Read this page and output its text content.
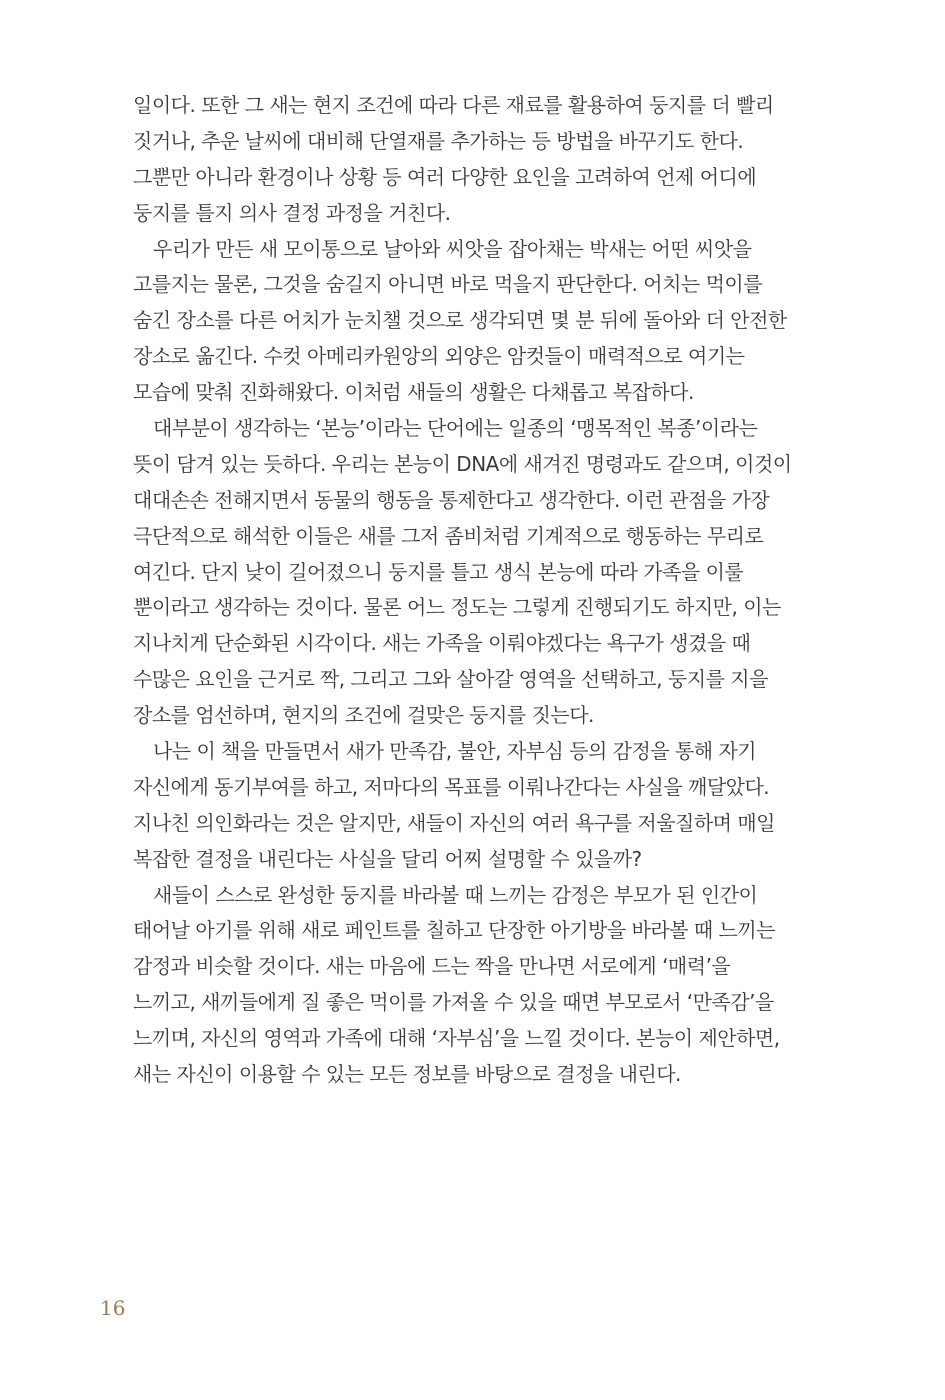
일이다. 또한 그 새는 현지 조건에 따라 다른 재료를 활용하여 둥지를 더 빨리
짓거나, 추운 날씨에 대비해 단열재를 추가하는 등 방법을 바꾸기도 한다.
그뿐만 아니라 환경이나 상황 등 여러 다양한 요인을 고려하여 언제 어디에
둥지를 틀지 의사 결정 과정을 거친다.
우리가 만든 새 모이통으로 날아와 씨앗을 잡아채는 박새는 어떤 씨앗을
고를지는 물론, 그것을 숨길지 아니면 바로 먹을지 판단한다. 어치는 먹이를
숨긴 장소를 다른 어치가 눈치챌 것으로 생각되면 몇 분 뒤에 돌아와 더 안전한
장소로 옮긴다. 수컷 아메리카원앙의 외양은 암컷들이 매력적으로 여기는
모습에 맞춰 진화해왔다. 이처럼 새들의 생활은 다채롭고 복잡하다.
대부분이 생각하는 ‘본능’이라는 단어에는 일종의 ‘맹목적인 복종’이라는
뜻이 담겨 있는 듯하다. 우리는 본능이 DNA에 새겨진 명령과도 같으며, 이것이
대대손손 전해지면서 동물의 행동을 통제한다고 생각한다. 이런 관점을 가장
극단적으로 해석한 이들은 새를 그저 좀비처럼 기계적으로 행동하는 무리로
여긴다. 단지 낮이 길어졌으니 둥지를 틀고 생식 본능에 따라 가족을 이룰
뿐이라고 생각하는 것이다. 물론 어느 정도는 그렇게 진행되기도 하지만, 이는
지나치게 단순화된 시각이다. 새는 가족을 이뤄야겠다는 욕구가 생겼을 때
수많은 요인을 근거로 짝, 그리고 그와 살아갈 영역을 선택하고, 둥지를 지을
장소를 엄선하며, 현지의 조건에 걸맞은 둥지를 짓는다.
나는 이 책을 만들면서 새가 만족감, 불안, 자부심 등의 감정을 통해 자기
자신에게 동기부여를 하고, 저마다의 목표를 이뤄나간다는 사실을 깨달았다.
지나친 의인화라는 것은 알지만, 새들이 자신의 여러 욕구를 저울질하며 매일
복잡한 결정을 내린다는 사실을 달리 어찌 설명할 수 있을까?
새들이 스스로 완성한 둥지를 바라볼 때 느끼는 감정은 부모가 된 인간이
태어날 아기를 위해 새로 페인트를 칠하고 단장한 아기방을 바라볼 때 느끼는
감정과 비슷할 것이다. 새는 마음에 드는 짝을 만나면 서로에게 ‘매력’을
느끼고, 새끼들에게 질 좋은 먹이를 가져올 수 있을 때면 부모로서 ‘만족감’을
느끼며, 자신의 영역과 가족에 대해 ‘자부심’을 느낄 것이다. 본능이 제안하면,
새는 자신이 이용할 수 있는 모든 정보를 바탕으로 결정을 내린다.
16
